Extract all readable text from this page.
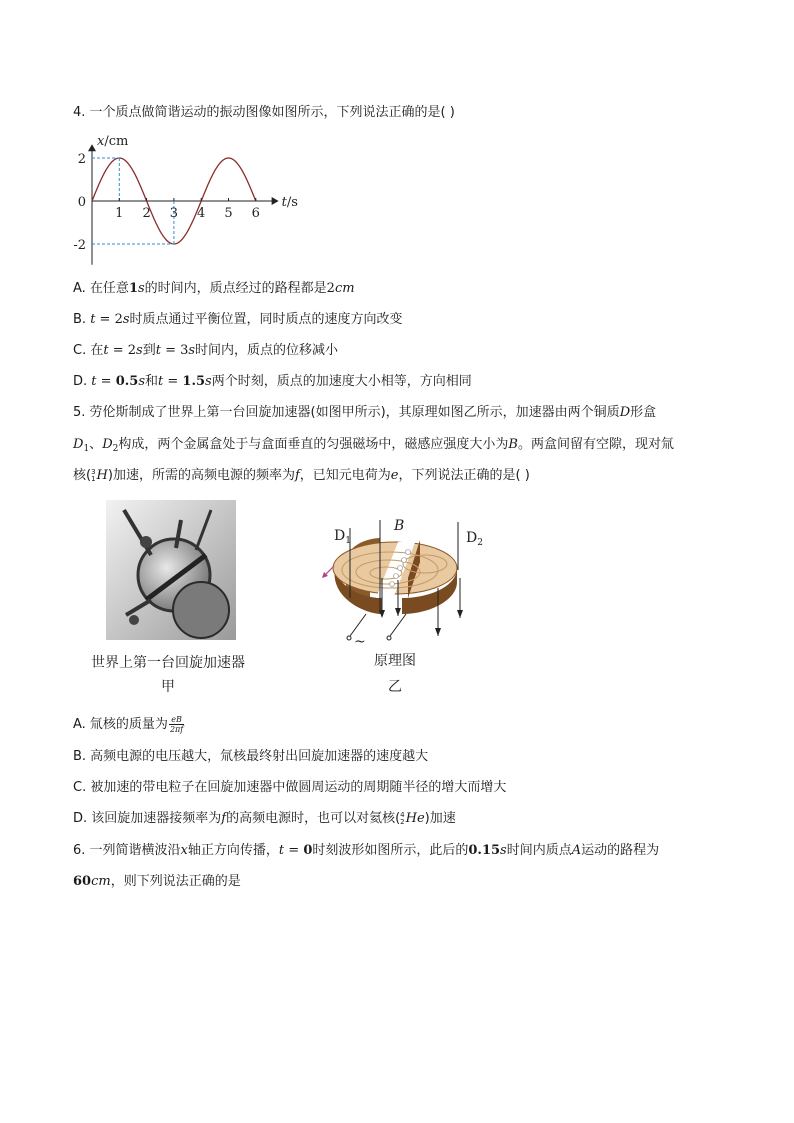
4. 一个质点做简谐运动的振动图像如图所示，下列说法正确的是( )
1 2 3 4 5 6
2
0
-2
x/cm
t/s
A. 在任意1s的时间内，质点经过的路程都是2cm
B. t = 2s时质点通过平衡位置，同时质点的速度方向改变
C. 在t = 2s到t = 3s时间内，质点的位移减小
D. t = 0.5s和t = 1.5s两个时刻，质点的加速度大小相等，方向相同
5. 劳伦斯制成了世界上第一台回旋加速器(如图甲所示)，其原理如图乙所示，加速器由两个铜质D形盒
$D_1$、$D_2$构成，两个金属盒处于与盒面垂直的匀强磁场中，磁感应强度大小为B。两盒间留有空隙，现对氚
核( 3
1 H)加速，所需的高频电源的频率为f，已知元电荷为e，下列说法正确的是( )
世界上第一台回旋加速器
甲
~
$D_1$
B
$D_2$
原理图
乙
A. 氚核的质量为 $\frac{eB}{2\pi f}$
B. 高频电源的电压越大，氚核最终射出回旋加速器的速度越大
C. 被加速的带电粒子在回旋加速器中做圆周运动的周期随半径的增大而增大
D. 该回旋加速器接频率为f的高频电源时，也可以对氦核( 4
2 He)加速
6. 一列简谐横波沿x轴正方向传播，t = 0时刻波形如图所示，此后的0.15s时间内质点A运动的路程为
60cm，则下列说法正确的是
